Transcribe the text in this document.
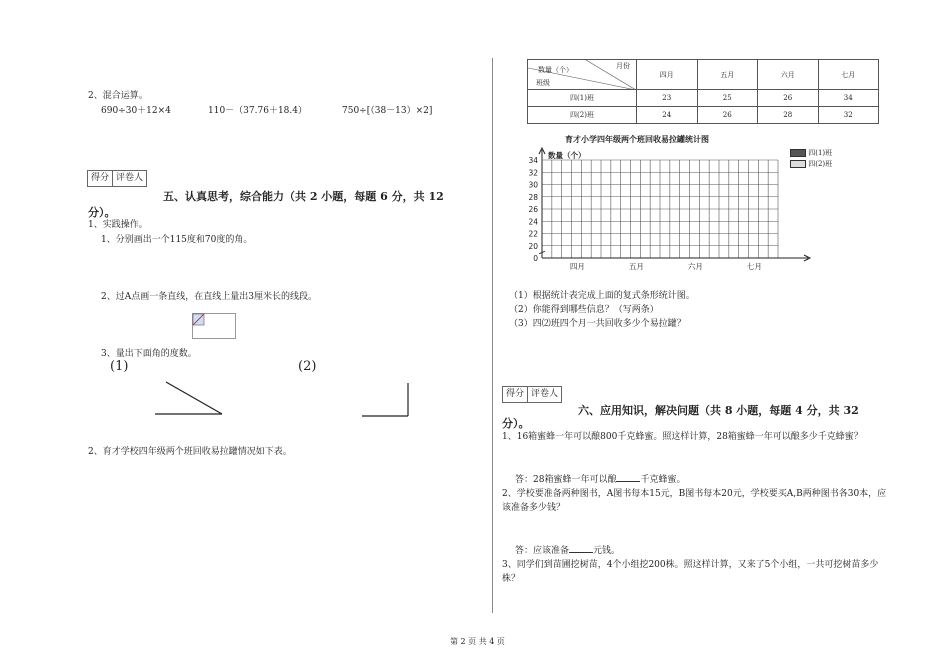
2、混合运算。
690÷30＋12×4	110－（37.76＋18.4）	750÷[（38－13）×2]
得分 评卷人
五、认真思考，综合能力（共 2 小题，每题 6 分，共 12
分）。
1、实践操作。
1、分别画出一个115度和70度的角。
2、过A点画一条直线，在直线上量出3厘米长的线段。
3、量出下面角的度数。
(1)	(2)
2、育才学校四年级两个班回收易拉罐情况如下表。
数量（个） 月份
班级	四月	五月	六月	七月
四(1)班	23	25	26	34
四(2)班	24	26	28	32
育才小学四年级两个班回收易拉罐统计图
34
32
30
28
26
24
22
20
0
数量（个）
四月	五月	六月	七月
四(1)班
四(2)班
（1）根据统计表完成上面的复式条形统计图。
（2）你能得到哪些信息？（写两条）
（3）四⑵班四个月一共回收多少个易拉罐？
得分 评卷人
六、应用知识，解决问题（共 8 小题，每题 4 分，共 32
分）。
1、16箱蜜蜂一年可以酿800千克蜂蜜。照这样计算，28箱蜜蜂一年可以酿多少千克蜂蜜？
答：28箱蜜蜂一年可以酿	千克蜂蜜。
2、学校要准备两种图书，A图书每本15元，B图书每本20元，学校要买A,B两种图书各30本，应
该准备多少钱？
答：应该准备	元钱。
3、同学们到苗圃挖树苗，4个小组挖200株。照这样计算，又来了5个小组，一共可挖树苗多少
株？
第 2 页 共 4 页
